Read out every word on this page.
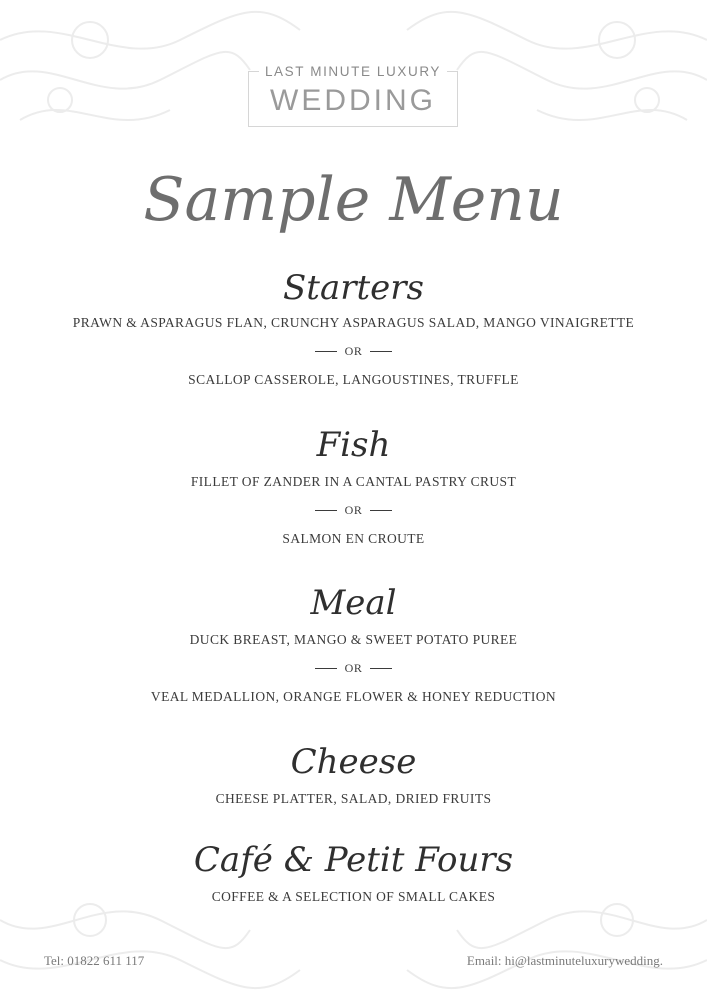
LAST MINUTE LUXURY
WEDDING
Sample Menu
Starters
PRAWN & ASPARAGUS FLAN, CRUNCHY ASPARAGUS SALAD, MANGO VINAIGRETTE
OR
SCALLOP CASSEROLE, LANGOUSTINES, TRUFFLE
Fish
FILLET OF ZANDER IN A CANTAL PASTRY CRUST
OR
SALMON EN CROUTE
Meal
DUCK BREAST, MANGO & SWEET POTATO PUREE
OR
VEAL MEDALLION, ORANGE FLOWER & HONEY REDUCTION
Cheese
CHEESE PLATTER, SALAD, DRIED FRUITS
Café & Petit Fours
COFFEE & A SELECTION OF SMALL CAKES
Tel: 01822 611 117	Email: hi@lastminuteluxurywedding.
